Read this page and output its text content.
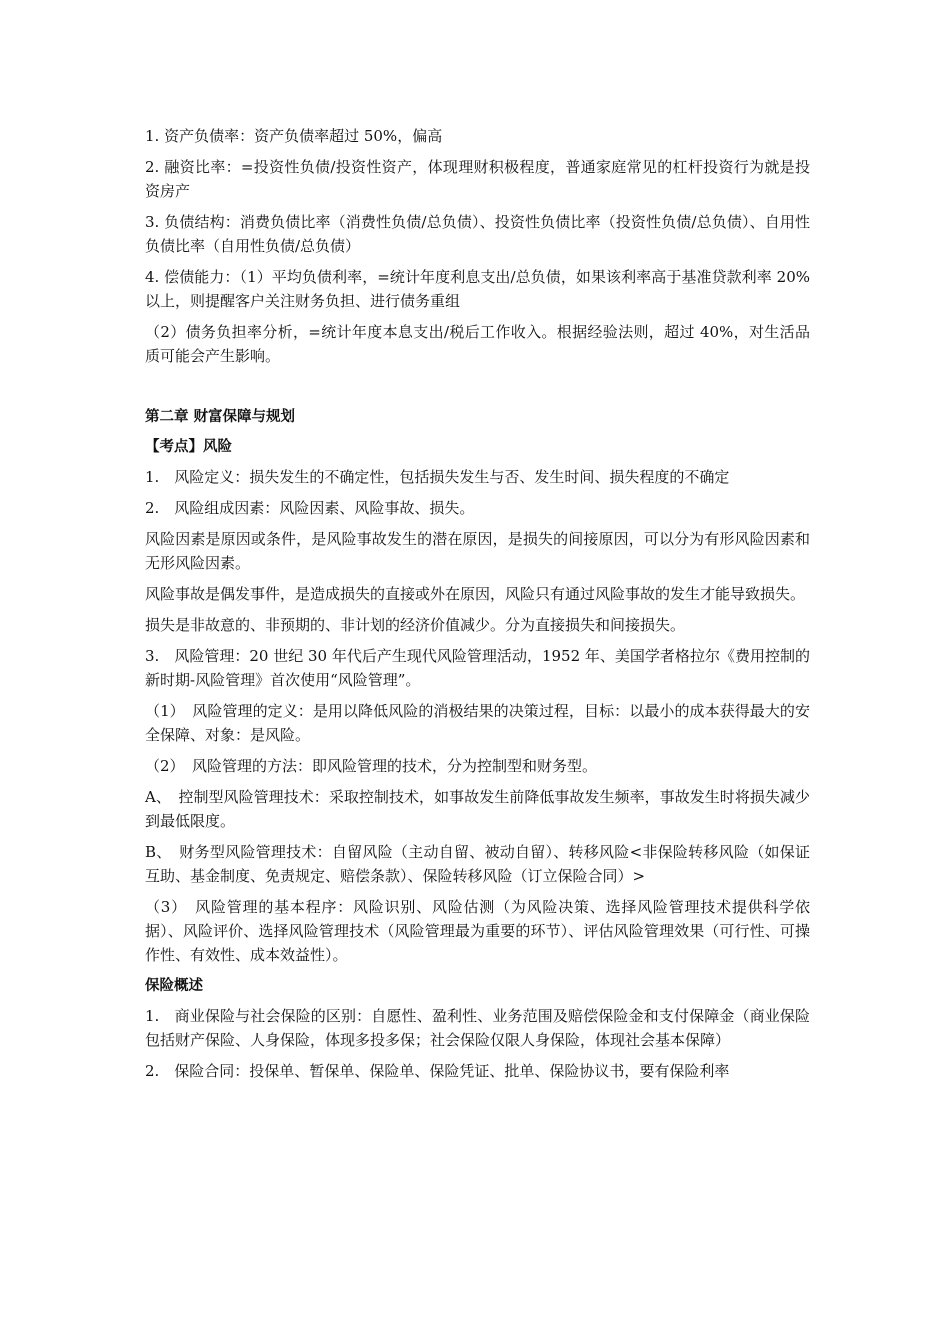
1. 资产负债率：资产负债率超过 50%，偏高

2. 融资比率：=投资性负债/投资性资产，体现理财积极程度，普通家庭常见的杠杆投资行为就是投资房产

3. 负债结构：消费负债比率（消费性负债/总负债）、投资性负债比率（投资性负债/总负债）、自用性负债比率（自用性负债/总负债）

4. 偿债能力：（1）平均负债利率，=统计年度利息支出/总负债，如果该利率高于基准贷款利率 20%以上，则提醒客户关注财务负担、进行债务重组

（2）债务负担率分析，=统计年度本息支出/税后工作收入。根据经验法则，超过 40%，对生活品质可能会产生影响。

第二章 财富保障与规划
【考点】风险

1.　风险定义：损失发生的不确定性，包括损失发生与否、发生时间、损失程度的不确定

2.　风险组成因素：风险因素、风险事故、损失。

风险因素是原因或条件，是风险事故发生的潜在原因，是损失的间接原因，可以分为有形风险因素和无形风险因素。

风险事故是偶发事件，是造成损失的直接或外在原因，风险只有通过风险事故的发生才能导致损失。

损失是非故意的、非预期的、非计划的经济价值减少。分为直接损失和间接损失。

3.　风险管理：20 世纪 30 年代后产生现代风险管理活动，1952 年、美国学者格拉尔《费用控制的新时期-风险管理》首次使用“风险管理”。

（1）　风险管理的定义：是用以降低风险的消极结果的决策过程，目标：以最小的成本获得最大的安全保障、对象：是风险。

（2）　风险管理的方法：即风险管理的技术，分为控制型和财务型。

A、　控制型风险管理技术：采取控制技术，如事故发生前降低事故发生频率，事故发生时将损失减少到最低限度。

B、　财务型风险管理技术：自留风险（主动自留、被动自留）、转移风险<非保险转移风险（如保证互助、基金制度、免责规定、赔偿条款）、保险转移风险（订立保险合同）>

（3）　风险管理的基本程序：风险识别、风险估测（为风险决策、选择风险管理技术提供科学依据）、风险评价、选择风险管理技术（风险管理最为重要的环节）、评估风险管理效果（可行性、可操作性、有效性、成本效益性）。

保险概述

1.　商业保险与社会保险的区别：自愿性、盈利性、业务范围及赔偿保险金和支付保障金（商业保险包括财产保险、人身保险，体现多投多保；社会保险仅限人身保险，体现社会基本保障）

2.　保险合同：投保单、暂保单、保险单、保险凭证、批单、保险协议书，要有保险利率
